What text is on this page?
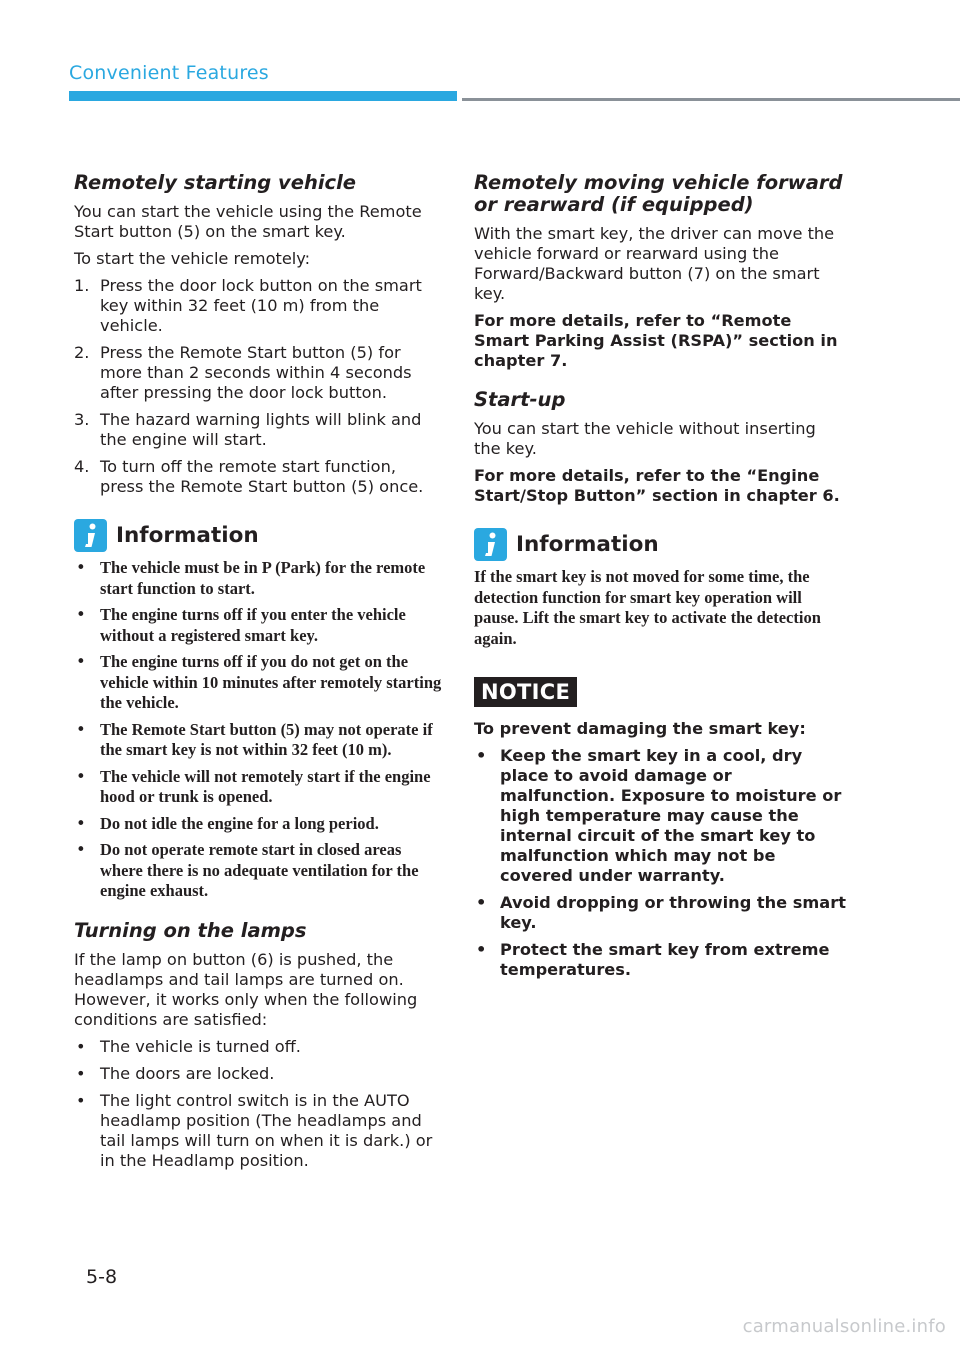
Convenient Features
Remotely starting vehicle

You can start the vehicle using the Remote Start button (5) on the smart key.

To start the vehicle remotely:

1. Press the door lock button on the smart key within 32 feet (10 m) from the vehicle.
2. Press the Remote Start button (5) for more than 2 seconds within 4 seconds after pressing the door lock button.
3. The hazard warning lights will blink and the engine will start.
4. To turn off the remote start function, press the Remote Start button (5) once.
Information
• The vehicle must be in P (Park) for the remote start function to start.
• The engine turns off if you enter the vehicle without a registered smart key.
• The engine turns off if you do not get on the vehicle within 10 minutes after remotely starting the vehicle.
• The Remote Start button (5) may not operate if the smart key is not within 32 feet (10 m).
• The vehicle will not remotely start if the engine hood or trunk is opened.
• Do not idle the engine for a long period.
• Do not operate remote start in closed areas where there is no adequate ventilation for the engine exhaust.
Turning on the lamps

If the lamp on button (6) is pushed, the headlamps and tail lamps are turned on. However, it works only when the following conditions are satisfied:

• The vehicle is turned off.
• The doors are locked.
• The light control switch is in the AUTO headlamp position (The headlamps and tail lamps will turn on when it is dark.) or in the Headlamp position.
Remotely moving vehicle forward or rearward (if equipped)

With the smart key, the driver can move the vehicle forward or rearward using the Forward/Backward button (7) on the smart key.

For more details, refer to “Remote Smart Parking Assist (RSPA)” section in chapter 7.

Start-up

You can start the vehicle without inserting the key.

For more details, refer to the “Engine Start/Stop Button” section in chapter 6.

Information

If the smart key is not moved for some time, the detection function for smart key operation will pause. Lift the smart key to activate the detection again.

NOTICE

To prevent damaging the smart key:

• Keep the smart key in a cool, dry place to avoid damage or malfunction. Exposure to moisture or high temperature may cause the internal circuit of the smart key to malfunction which may not be covered under warranty.
• Avoid dropping or throwing the smart key.
• Protect the smart key from extreme temperatures.
5-8
carmanualsonline.info
